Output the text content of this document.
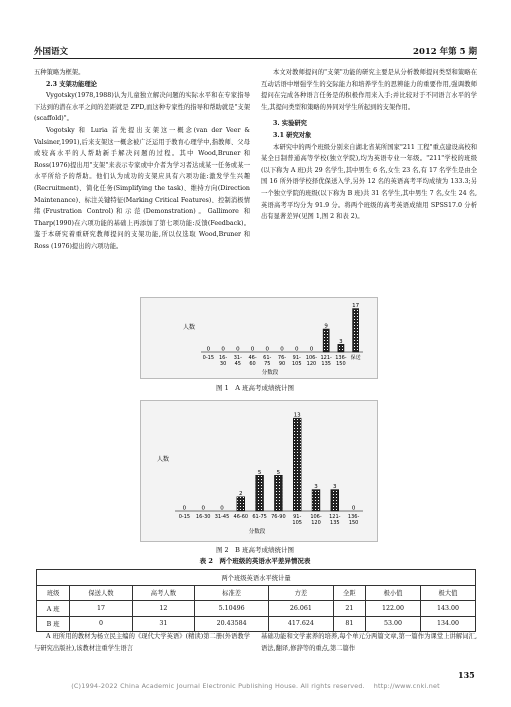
外国语文	2012 年第 5 期

五种策略为框架。

2.3 支架功能理论

Vygotsky(1978,1988)认为儿童独立解决问题的实际水平和在专家指导下达到的潜在水平之间的差距就是 ZPD,而这种专家性的指导和帮助就是"支架(scaffold)"。

Vogotsky 和 Luria 首先提出支架这一概念(van der Veer & Valsiner,1991),后来支架这一概念被广泛运用于教育心理学中,指教师、父母或较高水平的人帮助新手解决问题的过程。其中 Wood,Bruner 和 Ross(1976)提出用"支架"来表示专家或中介者为学习者达成某一任务或某一水平所给予的帮助。他们认为成功的支架应具有六项功能:激发学生兴趣(Recruitment)、简化任务(Simplifying the task)、维持方向(Direction Maintenance)、标注关键特征(Marking Critical Features)、控制消极情绪(Frustration Control)和示范(Demonstration)。Gallimore 和 Tharp(1990)在六项功能的基础上再添加了第七项功能:反馈(Feedback)。鉴于本研究着重研究教师提问的支架功能,所以仅选取 Wood,Bruner 和 Ross (1976)提出的六项功能。

本文对教师提问的"支架"功能的研究主要是从分析教师提问类型和策略在互动话语中增强学生的交际能力和培养学生的思辨能力的重要作用,强调教师提问在完成各种语言任务是的积极作用来入手;并比较对于不同语言水平的学生,其提问类型和策略的异同对学生所起到的支架作用。

3. 实验研究

3.1 研究对象

本研究中的两个班级分别来自湖北省某所国家"211 工程"重点建设高校和某全日制普通高等学校(独立学院),均为英语专业一年级。"211"学校的班级(以下称为 A 班)共 29 名学生,其中男生 6 名,女生 23 名,有 17 名学生是由全国 16 所外语学校择优保送入学,另外 12 名的英语高考平均成绩为 133.3;另一个独立学院的班级(以下称为 B 班)共 31 名学生,其中男生 7 名,女生 24 名,英语高考平均分为 91.9 分。将两个班级的高考英语成绩用 SPSS17.0 分析出有显著差异(见图 1,图 2 和表 2)。

人数
0
0-15
0
16-
30
0
31-
45
0
46-
60
0
61-
75
0
76-
90
0
91-
105
0
106-
120
9
121-
135
3
136-
150
17
保送
分数段
图 1　A 班高考成绩统计图
人数
0
0-15
0
16-30
0
31-45
2
46-60
5
61-75
5
76-90
13
91-
105
3
106-
120
3
121-
135
0
136-
150
分数段
图 2　B 班高考成绩统计图
表 2　两个班级的英语水平差异情况表
两个班级英语水平统计量							
班级	保送人数	高考人数	标准差	方差	全距	极小值	极大值
A 班	17	12	5.10496	26.061	21	122.00	143.00
B 班	0	31	20.43584	417.624	81	53.00	134.00
A 班所用的教材为杨立民主编的《现代大学英语》(精读)第二册(外语教学与研究出版社),该教材注重学生语言
基础功能和文学素养的培养,每个单元分两篇文章,第一篇作为课堂上讲解词汇,语法,翻译,修辞等的重点,第二篇作
135
(C)1994-2022 China Academic Journal Electronic Publishing House. All rights reserved.　 http://www.cnki.net
